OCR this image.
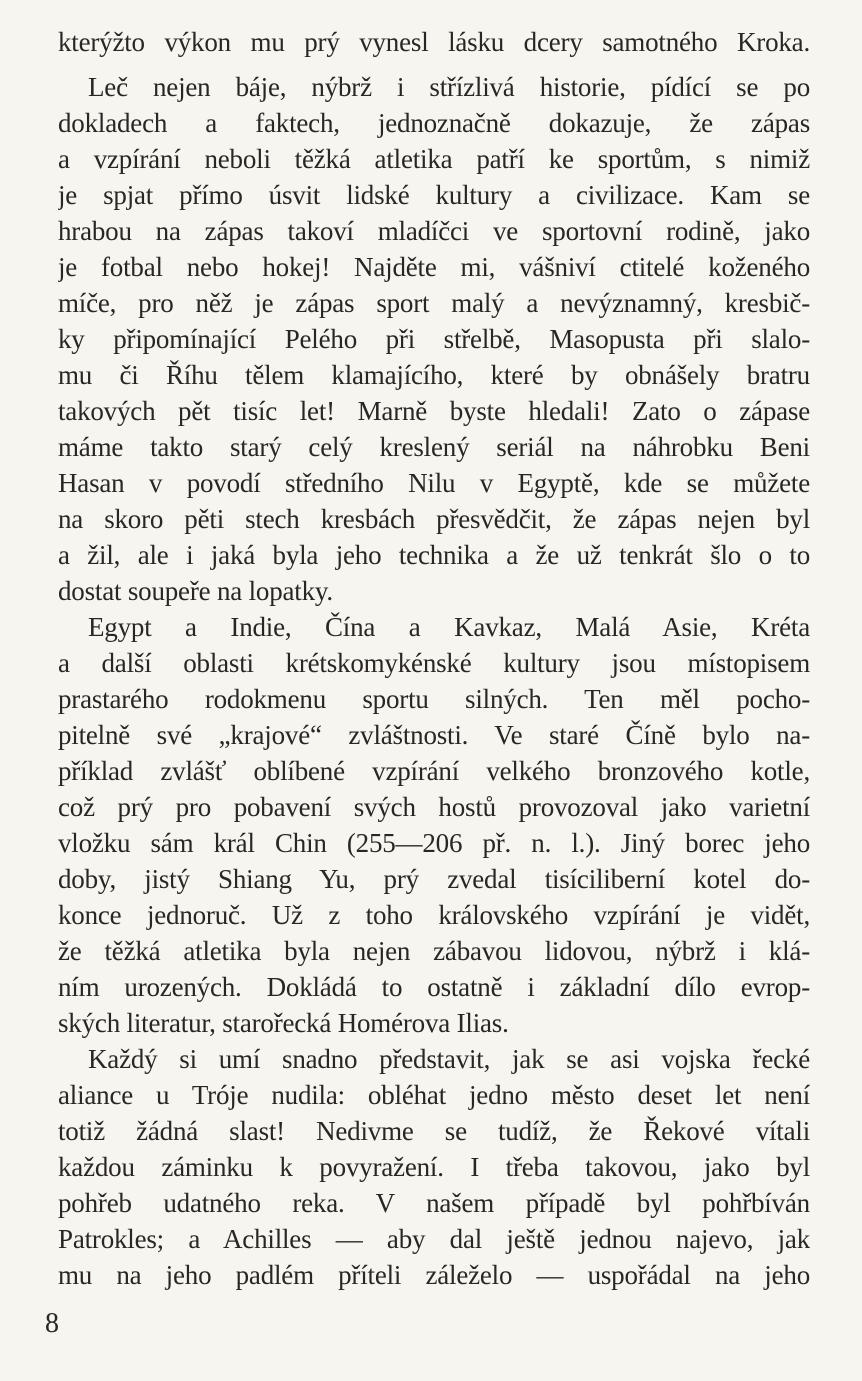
kterýžto výkon mu prý vynesl lásku dcery samotného Kroka.
Leč nejen báje, nýbrž i střízlivá historie, pídící se po
dokladech a faktech, jednoznačně dokazuje, že zápas
a vzpírání neboli těžká atletika patří ke sportům, s nimiž
je spjat přímo úsvit lidské kultury a civilizace. Kam se
hrabou na zápas takoví mladíčci ve sportovní rodině, jako
je fotbal nebo hokej! Najděte mi, vášniví ctitelé koženého
míče, pro něž je zápas sport malý a nevýznamný, kresbič-
ky připomínající Pelého při střelbě, Masopusta při slalo-
mu či Říhu tělem klamajícího, které by obnášely bratru
takových pět tisíc let! Marně byste hledali! Zato o zápase
máme takto starý celý kreslený seriál na náhrobku Beni
Hasan v povodí středního Nilu v Egyptě, kde se můžete
na skoro pěti stech kresbách přesvědčit, že zápas nejen byl
a žil, ale i jaká byla jeho technika a že už tenkrát šlo o to
dostat soupeře na lopatky.
Egypt a Indie, Čína a Kavkaz, Malá Asie, Kréta
a další oblasti krétskomykénské kultury jsou místopisem
prastarého rodokmenu sportu silných. Ten měl pocho-
pitelně své „krajové“ zvláštnosti. Ve staré Číně bylo na-
příklad zvlášť oblíbené vzpírání velkého bronzového kotle,
což prý pro pobavení svých hostů provozoval jako varietní
vložku sám král Chin (255—206 př. n. l.). Jiný borec jeho
doby, jistý Shiang Yu, prý zvedal tisíciliberní kotel do-
konce jednoruč. Už z toho královského vzpírání je vidět,
že těžká atletika byla nejen zábavou lidovou, nýbrž i klá-
ním urozených. Dokládá to ostatně i základní dílo evrop-
ských literatur, starořecká Homérova Ilias.
Každý si umí snadno představit, jak se asi vojska řecké
aliance u Tróje nudila: obléhat jedno město deset let není
totiž žádná slast! Nedivme se tudíž, že Řekové vítali
každou záminku k povyražení. I třeba takovou, jako byl
pohřeb udatného reka. V našem případě byl pohřbíván
Patrokles; a Achilles — aby dal ještě jednou najevo, jak
mu na jeho padlém příteli záleželo — uspořádal na jeho
8
